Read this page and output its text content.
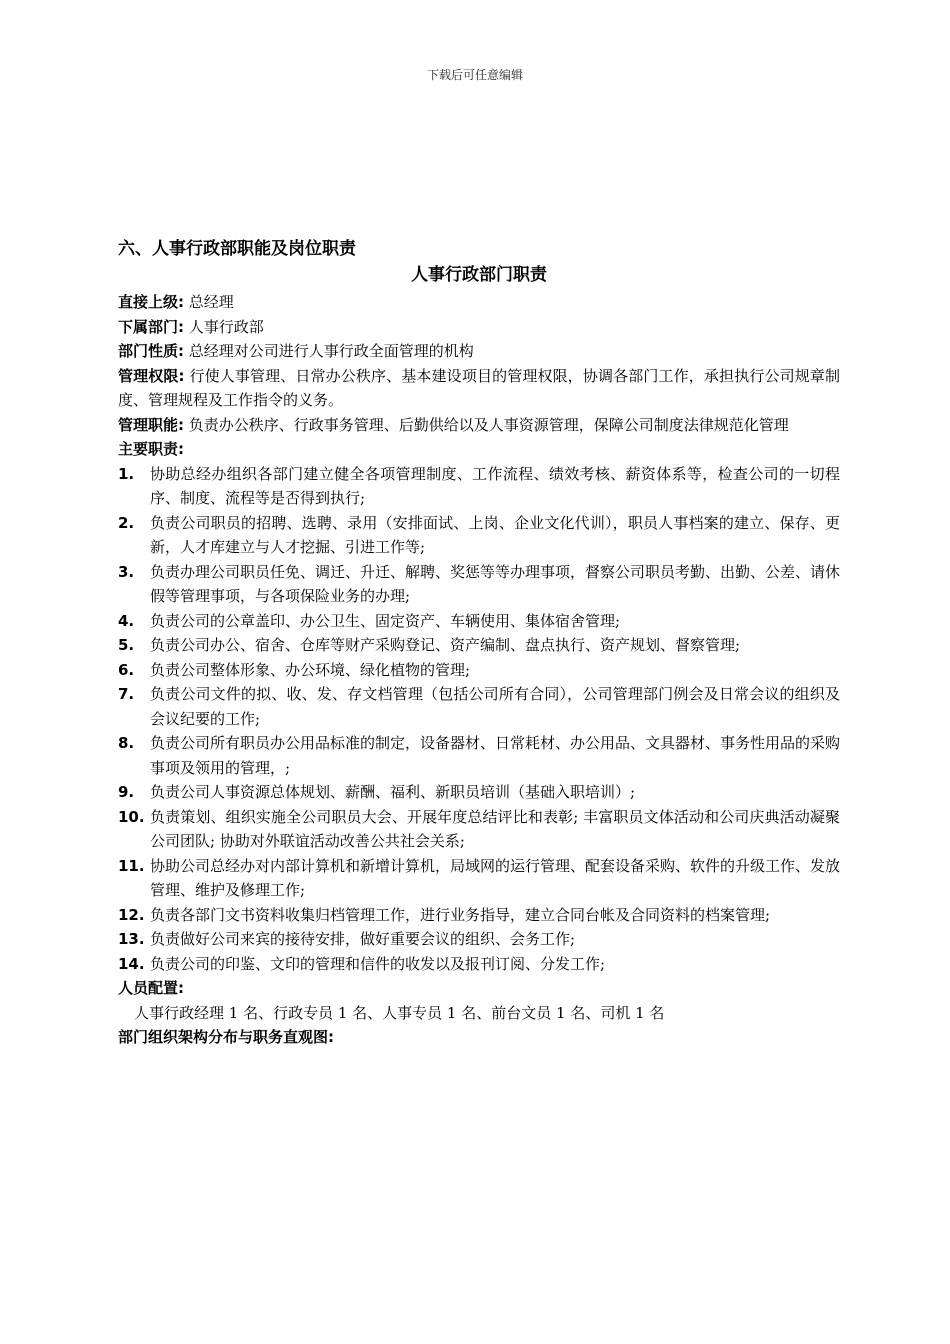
下载后可任意编辑
六、人事行政部职能及岗位职责
人事行政部门职责
直接上级: 总经理
下属部门: 人事行政部
部门性质: 总经理对公司进行人事行政全面管理的机构
管理权限: 行使人事管理、日常办公秩序、基本建设项目的管理权限，协调各部门工作，承担执行公司规章制度、管理规程及工作指令的义务。
管理职能: 负责办公秩序、行政事务管理、后勤供给以及人事资源管理，保障公司制度法律规范化管理
主要职责:
1. 协助总经办组织各部门建立健全各项管理制度、工作流程、绩效考核、薪资体系等，检查公司的一切程序、制度、流程等是否得到执行;
2. 负责公司职员的招聘、选聘、录用（安排面试、上岗、企业文化代训），职员人事档案的建立、保存、更新，人才库建立与人才挖掘、引进工作等;
3. 负责办理公司职员任免、调迁、升迁、解聘、奖惩等等办理事项，督察公司职员考勤、出勤、公差、请休假等管理事项，与各项保险业务的办理;
4. 负责公司的公章盖印、办公卫生、固定资产、车辆使用、集体宿舍管理;
5. 负责公司办公、宿舍、仓库等财产采购登记、资产编制、盘点执行、资产规划、督察管理;
6. 负责公司整体形象、办公环境、绿化植物的管理;
7. 负责公司文件的拟、收、发、存文档管理（包括公司所有合同），公司管理部门例会及日常会议的组织及会议纪要的工作;
8. 负责公司所有职员办公用品标准的制定，设备器材、日常耗材、办公用品、文具器材、事务性用品的采购事项及领用的管理，;
9. 负责公司人事资源总体规划、薪酬、福利、新职员培训（基础入职培训）;
10. 负责策划、组织实施全公司职员大会、开展年度总结评比和表彰; 丰富职员文体活动和公司庆典活动凝聚公司团队; 协助对外联谊活动改善公共社会关系;
11. 协助公司总经办对内部计算机和新增计算机，局域网的运行管理、配套设备采购、软件的升级工作、发放管理、维护及修理工作;
12. 负责各部门文书资料收集归档管理工作，进行业务指导，建立合同台帐及合同资料的档案管理;
13. 负责做好公司来宾的接待安排，做好重要会议的组织、会务工作;
14. 负责公司的印鉴、文印的管理和信件的收发以及报刊订阅、分发工作;
人员配置:
人事行政经理 1 名、行政专员 1 名、人事专员 1 名、前台文员 1 名、司机 1 名
部门组织架构分布与职务直观图:
